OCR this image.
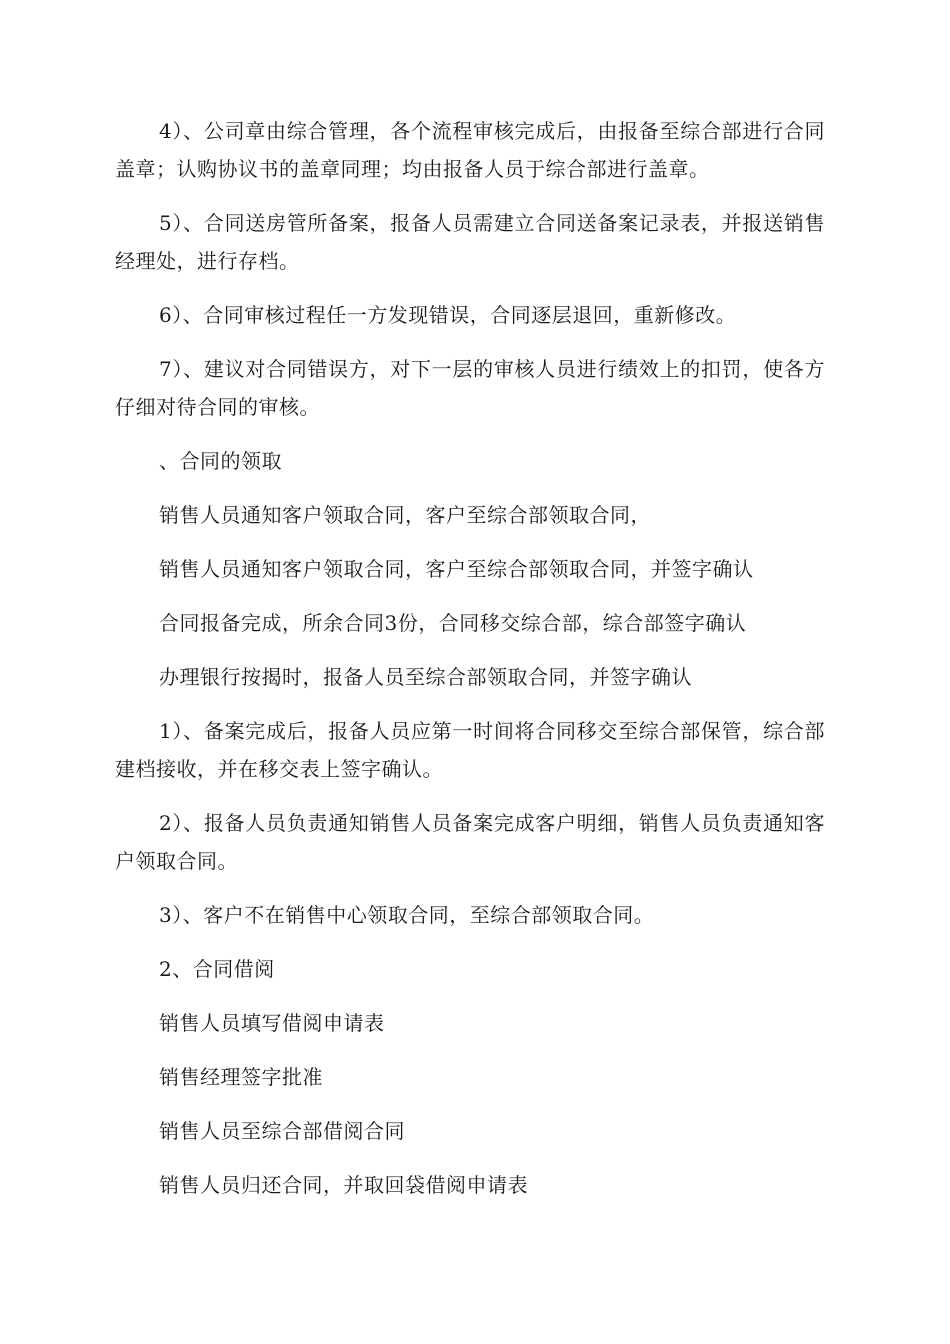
4）、公司章由综合管理，各个流程审核完成后，由报备至综合部进行合同盖章；认购协议书的盖章同理；均由报备人员于综合部进行盖章。

5）、合同送房管所备案，报备人员需建立合同送备案记录表，并报送销售经理处，进行存档。

6）、合同审核过程任一方发现错误，合同逐层退回，重新修改。

7）、建议对合同错误方，对下一层的审核人员进行绩效上的扣罚，使各方仔细对待合同的审核。

、合同的领取

销售人员通知客户领取合同，客户至综合部领取合同，

销售人员通知客户领取合同，客户至综合部领取合同，并签字确认

合同报备完成，所余合同3份，合同移交综合部，综合部签字确认

办理银行按揭时，报备人员至综合部领取合同，并签字确认

1）、备案完成后，报备人员应第一时间将合同移交至综合部保管，综合部建档接收，并在移交表上签字确认。

2）、报备人员负责通知销售人员备案完成客户明细，销售人员负责通知客户领取合同。

3）、客户不在销售中心领取合同，至综合部领取合同。

2、合同借阅

销售人员填写借阅申请表

销售经理签字批准

销售人员至综合部借阅合同

销售人员归还合同，并取回袋借阅申请表
